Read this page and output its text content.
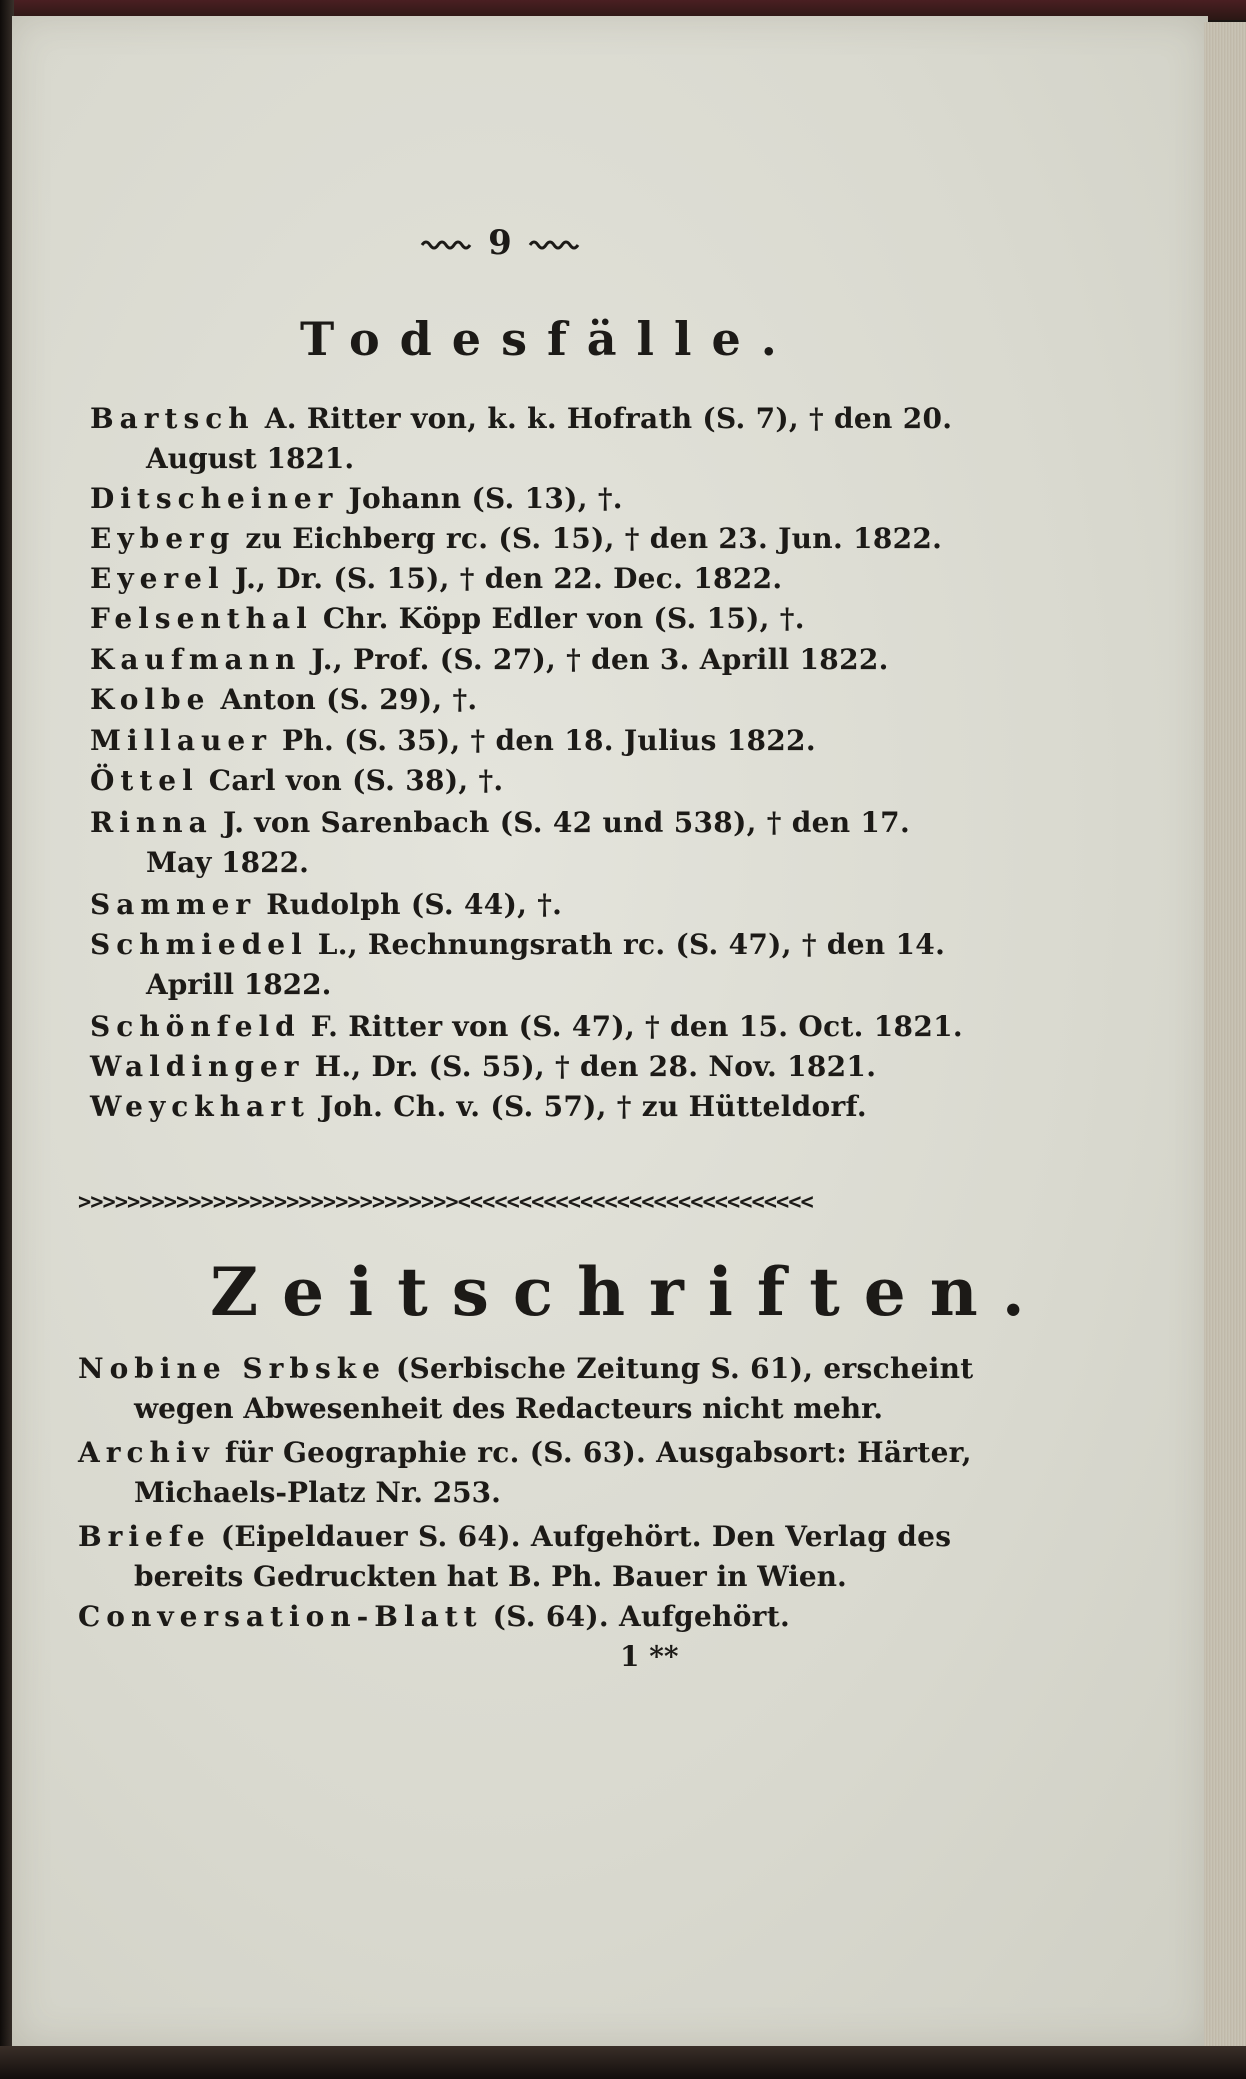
9
Todesfälle.
Bartsch A. Ritter von, k. k. Hofrath (S. 7), † den 20.
August 1821.
Ditscheiner Johann (S. 13), †.
Eyberg zu Eichberg rc. (S. 15), † den 23. Jun. 1822.
Eyerel J., Dr. (S. 15), † den 22. Dec. 1822.
Felsenthal Chr. Köpp Edler von (S. 15), †.
Kaufmann J., Prof. (S. 27), † den 3. Aprill 1822.
Kolbe Anton (S. 29), †.
Millauer Ph. (S. 35), † den 18. Julius 1822.
Öttel Carl von (S. 38), †.
Rinna J. von Sarenbach (S. 42 und 538), † den 17.
May 1822.
Sammer Rudolph (S. 44), †.
Schmiedel L., Rechnungsrath rc. (S. 47), † den 14.
Aprill 1822.
Schönfeld F. Ritter von (S. 47), † den 15. Oct. 1821.
Waldinger H., Dr. (S. 55), † den 28. Nov. 1821.
Weyckhart Joh. Ch. v. (S. 57), † zu Hütteldorf.
>>>>>>>>>>>>>>>>>>>>>>>>>>>>>>><<<<<<<<<<<<<<<<<<<<<<<<<<<<<
Zeitschriften.
Nobine Srbske (Serbische Zeitung S. 61), erscheint
wegen Abwesenheit des Redacteurs nicht mehr.
Archiv für Geographie rc. (S. 63). Ausgabsort: Härter,
Michaels-Platz Nr. 253.
Briefe (Eipeldauer S. 64). Aufgehört. Den Verlag des
bereits Gedruckten hat B. Ph. Bauer in Wien.
Conversation-Blatt (S. 64). Aufgehört.
1 **
